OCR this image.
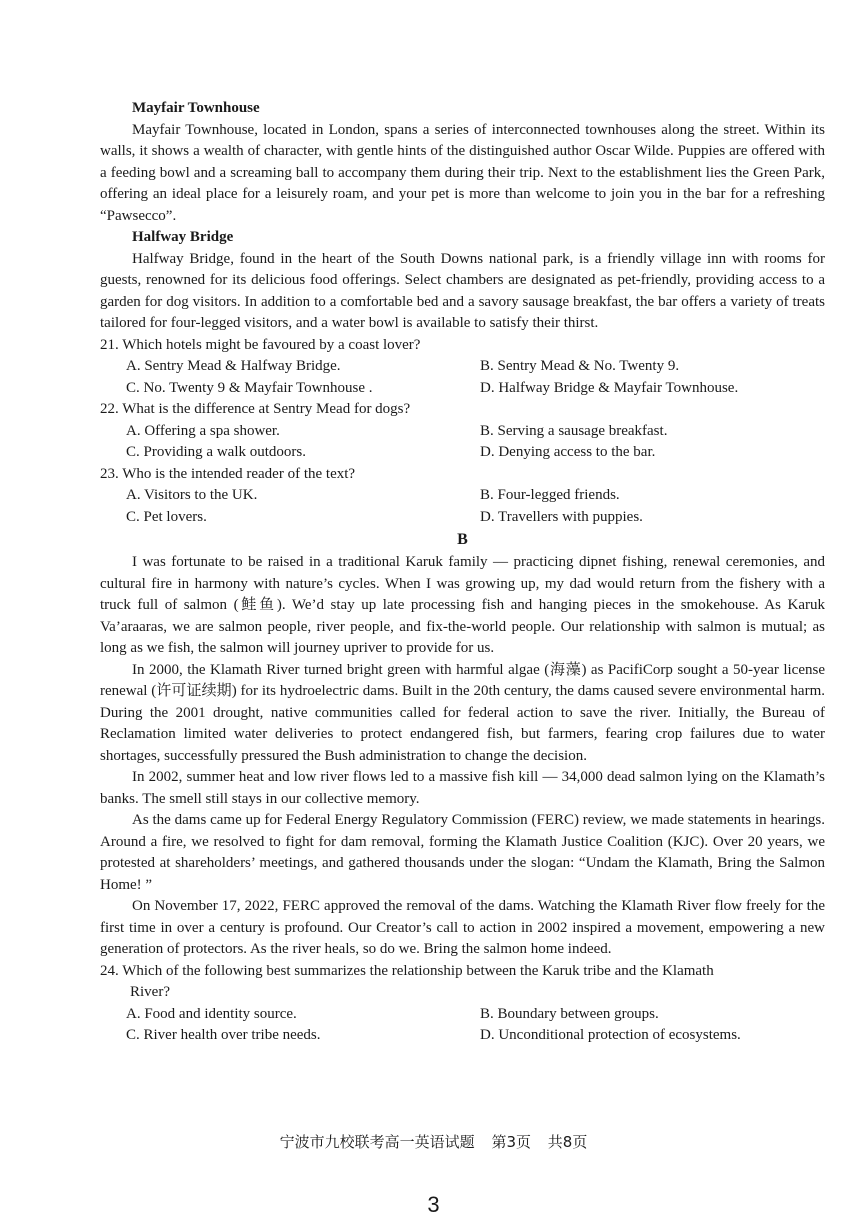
Mayfair Townhouse

Mayfair Townhouse, located in London, spans a series of interconnected townhouses along the street. Within its walls, it shows a wealth of character, with gentle hints of the distinguished author Oscar Wilde. Puppies are offered with a feeding bowl and a screaming ball to accompany them during their trip. Next to the establishment lies the Green Park, offering an ideal place for a leisurely roam, and your pet is more than welcome to join you in the bar for a refreshing “Pawsecco”.

Halfway Bridge

Halfway Bridge, found in the heart of the South Downs national park, is a friendly village inn with rooms for guests, renowned for its delicious food offerings. Select chambers are designated as pet-friendly, providing access to a garden for dog visitors. In addition to a comfortable bed and a savory sausage breakfast, the bar offers a variety of treats tailored for four-legged visitors, and a water bowl is available to satisfy their thirst.

21. Which hotels might be favoured by a coast lover?

A. Sentry Mead & Halfway Bridge.	B. Sentry Mead & No. Twenty 9.
C. No. Twenty 9 & Mayfair Townhouse .	D. Halfway Bridge & Mayfair Townhouse.

22. What is the difference at Sentry Mead for dogs?

A. Offering a spa shower.	B. Serving a sausage breakfast.
C. Providing a walk outdoors.	D. Denying access to the bar.

23. Who is the intended reader of the text?

A. Visitors to the UK.	B. Four-legged friends.
C. Pet lovers.	D. Travellers with puppies.

B

I was fortunate to be raised in a traditional Karuk family — practicing dipnet fishing, renewal ceremonies, and cultural fire in harmony with nature’s cycles. When I was growing up, my dad would return from the fishery with a truck full of salmon (鲑鱼). We’d stay up late processing fish and hanging pieces in the smokehouse. As Karuk Va’araaras, we are salmon people, river people, and fix-the-world people. Our relationship with salmon is mutual; as long as we fish, the salmon will journey upriver to provide for us.

In 2000, the Klamath River turned bright green with harmful algae (海藻) as PacifiCorp sought a 50-year license renewal (许可证续期) for its hydroelectric dams. Built in the 20th century, the dams caused severe environmental harm. During the 2001 drought, native communities called for federal action to save the river. Initially, the Bureau of Reclamation limited water deliveries to protect endangered fish, but farmers, fearing crop failures due to water shortages, successfully pressured the Bush administration to change the decision.

In 2002, summer heat and low river flows led to a massive fish kill — 34,000 dead salmon lying on the Klamath’s banks. The smell still stays in our collective memory.

As the dams came up for Federal Energy Regulatory Commission (FERC) review, we made statements in hearings. Around a fire, we resolved to fight for dam removal, forming the Klamath Justice Coalition (KJC). Over 20 years, we protested at shareholders’ meetings, and gathered thousands under the slogan: “Undam the Klamath, Bring the Salmon Home! ”

On November 17, 2022, FERC approved the removal of the dams. Watching the Klamath River flow freely for the first time in over a century is profound. Our Creator’s call to action in 2002 inspired a movement, empowering a new generation of protectors. As the river heals, so do we. Bring the salmon home indeed.

24. Which of the following best summarizes the relationship between the Karuk tribe and the Klamath

River?

A. Food and identity source.	B. Boundary between groups.
C. River health over tribe needs.	D. Unconditional protection of ecosystems.
宁波市九校联考高一英语试题 第3页 共8页
3
